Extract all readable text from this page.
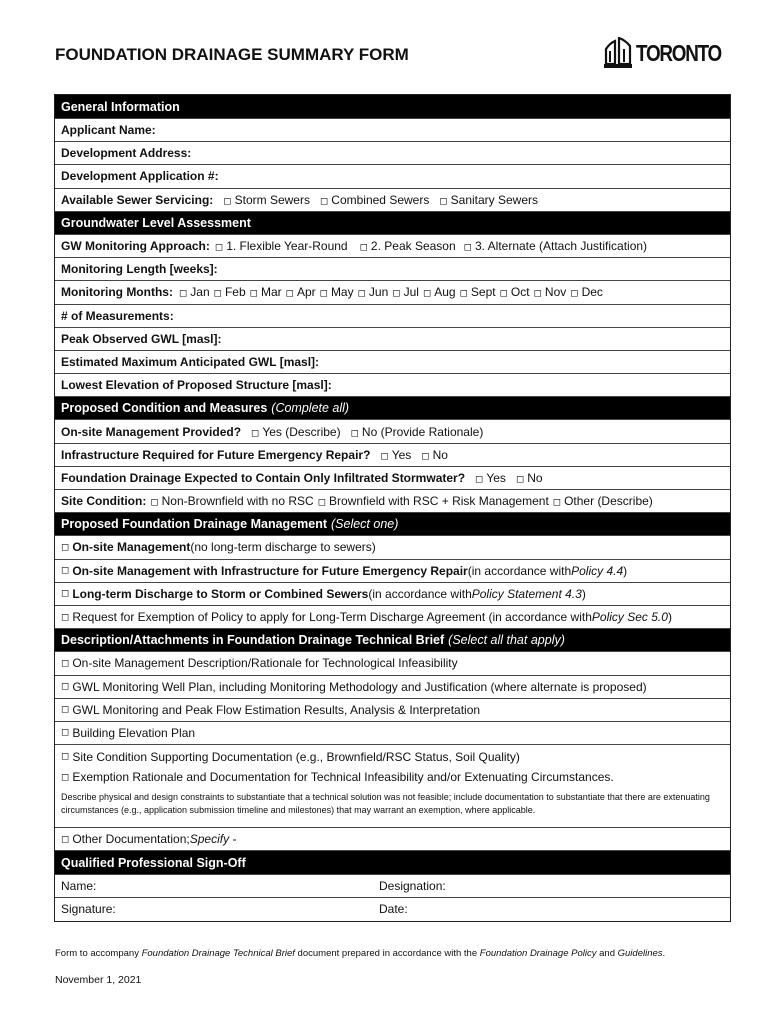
FOUNDATION DRAINAGE SUMMARY FORM	TORONTO
General Information
Applicant Name:
Development Address:
Development Application #:
Available Sewer Servicing: ◻ Storm Sewers ◻ Combined Sewers ◻ Sanitary Sewers
Groundwater Level Assessment
GW Monitoring Approach: ◻ 1. Flexible Year-Round ◻ 2. Peak Season ◻ 3. Alternate (Attach Justification)
Monitoring Length [weeks]:
Monitoring Months: ◻ Jan ◻ Feb ◻ Mar ◻ Apr ◻ May ◻ Jun ◻ Jul ◻ Aug ◻ Sept ◻ Oct ◻ Nov ◻ Dec
# of Measurements:
Peak Observed GWL [masl]:
Estimated Maximum Anticipated GWL [masl]:
Lowest Elevation of Proposed Structure [masl]:
Proposed Condition and Measures (Complete all)
On-site Management Provided? ◻ Yes (Describe) ◻ No (Provide Rationale)
Infrastructure Required for Future Emergency Repair? ◻ Yes ◻ No
Foundation Drainage Expected to Contain Only Infiltrated Stormwater? ◻ Yes ◻ No
Site Condition: ◻ Non-Brownfield with no RSC ◻ Brownfield with RSC + Risk Management ◻ Other (Describe)
Proposed Foundation Drainage Management (Select one)
◻ On-site Management (no long-term discharge to sewers)
◻ On-site Management with Infrastructure for Future Emergency Repair (in accordance with Policy 4.4 )
◻ Long-term Discharge to Storm or Combined Sewers (in accordance with Policy Statement 4.3 )
◻ Request for Exemption of Policy to apply for Long-Term Discharge Agreement (in accordance with Policy Sec 5.0 )
Description/Attachments in Foundation Drainage Technical Brief (Select all that apply)
◻ On-site Management Description/Rationale for Technological Infeasibility
◻ GWL Monitoring Well Plan, including Monitoring Methodology and Justification (where alternate is proposed)
◻ GWL Monitoring and Peak Flow Estimation Results, Analysis & Interpretation
◻ Building Elevation Plan
◻ Site Condition Supporting Documentation (e.g., Brownfield/RSC Status, Soil Quality)
◻ Exemption Rationale and Documentation for Technical Infeasibility and/or Extenuating Circumstances.
Describe physical and design constraints to substantiate that a technical solution was not feasible; include documentation to substantiate that there are extenuating circumstances (e.g., application submission timeline and milestones) that may warrant an exemption, where applicable.
◻ Other Documentation; Specify -
Qualified Professional Sign-Off
Name:	Designation:
Signature:	Date:
Form to accompany Foundation Drainage Technical Brief document prepared in accordance with the Foundation Drainage Policy and Guidelines.
November 1, 2021
